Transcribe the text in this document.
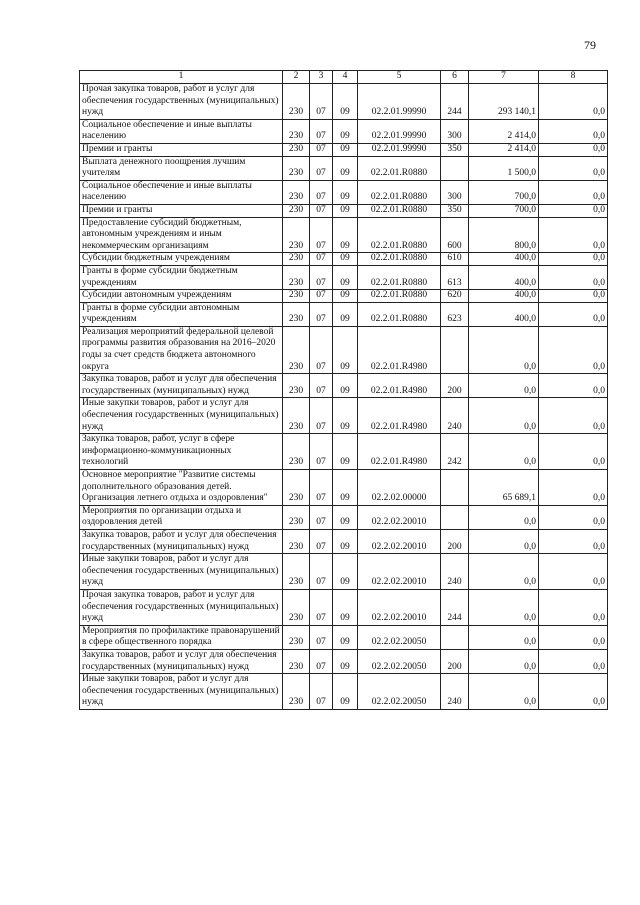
79
1	2	3	4	5	6	7	8
Прочая закупка товаров, работ и услуг для обеспечения государственных (муниципальных) нужд	230	07	09	02.2.01.99990	244	293 140,1	0,0
Социальное обеспечение и иные выплаты населению	230	07	09	02.2.01.99990	300	2 414,0	0,0
Премии и гранты	230	07	09	02.2.01.99990	350	2 414,0	0,0
Выплата денежного поощрения лучшим учителям	230	07	09	02.2.01.R0880		1 500,0	0,0
Социальное обеспечение и иные выплаты населению	230	07	09	02.2.01.R0880	300	700,0	0,0
Премии и гранты	230	07	09	02.2.01.R0880	350	700,0	0,0
Предоставление субсидий бюджетным, автономным учреждениям и иным некоммерческим организациям	230	07	09	02.2.01.R0880	600	800,0	0,0
Субсидии бюджетным учреждениям	230	07	09	02.2.01.R0880	610	400,0	0,0
Гранты в форме субсидии бюджетным учреждениям	230	07	09	02.2.01.R0880	613	400,0	0,0
Субсидии автономным учреждениям	230	07	09	02.2.01.R0880	620	400,0	0,0
Гранты в форме субсидии автономным учреждениям	230	07	09	02.2.01.R0880	623	400,0	0,0
Реализация мероприятий федеральной целевой программы развития образования на 2016–2020 годы за счет средств бюджета автономного округа	230	07	09	02.2.01.R4980		0,0	0,0
Закупка товаров, работ и услуг для обеспечения государственных (муниципальных) нужд	230	07	09	02.2.01.R4980	200	0,0	0,0
Иные закупки товаров, работ и услуг для обеспечения государственных (муниципальных) нужд	230	07	09	02.2.01.R4980	240	0,0	0,0
Закупка товаров, работ, услуг в сфере информационно-коммуникационных технологий	230	07	09	02.2.01.R4980	242	0,0	0,0
Основное мероприятие "Развитие системы дополнительного образования детей. Организация летнего отдыха и оздоровления"	230	07	09	02.2.02.00000		65 689,1	0,0
Мероприятия по организации отдыха и оздоровления детей	230	07	09	02.2.02.20010		0,0	0,0
Закупка товаров, работ и услуг для обеспечения государственных (муниципальных) нужд	230	07	09	02.2.02.20010	200	0,0	0,0
Иные закупки товаров, работ и услуг для обеспечения государственных (муниципальных) нужд	230	07	09	02.2.02.20010	240	0,0	0,0
Прочая закупка товаров, работ и услуг для обеспечения государственных (муниципальных) нужд	230	07	09	02.2.02.20010	244	0,0	0,0
Мероприятия по профилактике правонарушений в сфере общественного порядка	230	07	09	02.2.02.20050		0,0	0,0
Закупка товаров, работ и услуг для обеспечения государственных (муниципальных) нужд	230	07	09	02.2.02.20050	200	0,0	0,0
Иные закупки товаров, работ и услуг для обеспечения государственных (муниципальных) нужд	230	07	09	02.2.02.20050	240	0,0	0,0
